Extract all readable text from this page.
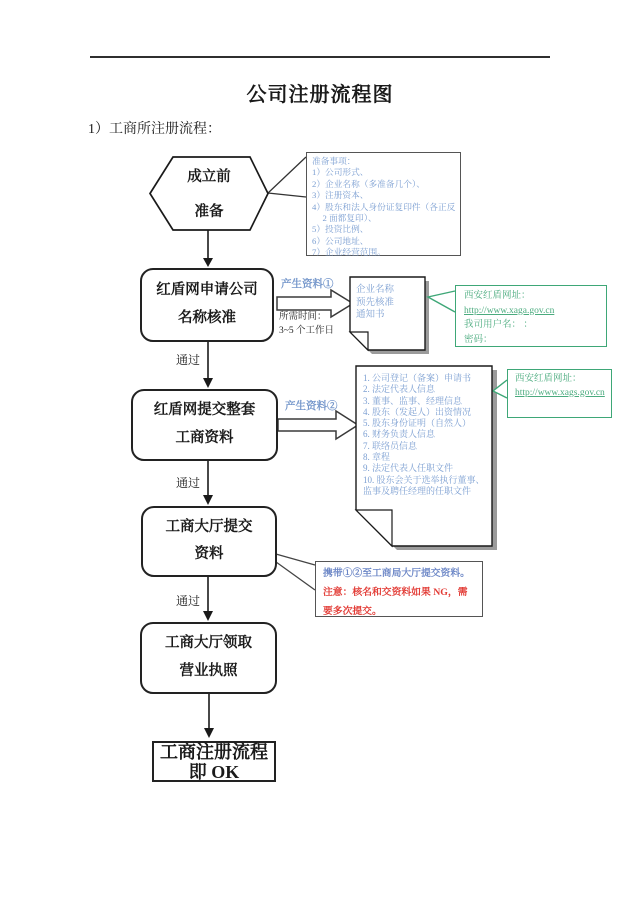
公司注册流程图
1）工商所注册流程：
成立前
准备
准备事项：
1）公司形式、
2）企业名称（多准备几个）、
3）注册资本、
4）股东和法人身份证复印件（各正反 2 面都复印）、
5）投资比例、
6）公司地址、
7）企业经营范围。
红盾网申请公司
名称核准
通过
红盾网提交整套
工商资料
通过
工商大厅提交
资料
通过
工商大厅领取
营业执照
工商注册流程
即 OK
产生资料①
所需时间：
3~5 个工作日
产生资料②
企业名称
预先核准
通知书
西安红盾网址：
http://www.xaga.gov.cn
我司用户名： ：
密码：
1. 公司登记（备案）申请书
2. 法定代表人信息
3. 董事、监事、经理信息
4. 股东（发起人）出资情况
5. 股东身份证明（自然人）
6. 财务负责人信息
7. 联络员信息
8. 章程
9. 法定代表人任职文件
10. 股东会关于选举执行董事、监事及聘任经理的任职文件
西安红盾网址：
http://www.xags.gov.cn
携带①②至工商局大厅提交资料。
注意：核名和交资料如果 NG，需要多次提交。
